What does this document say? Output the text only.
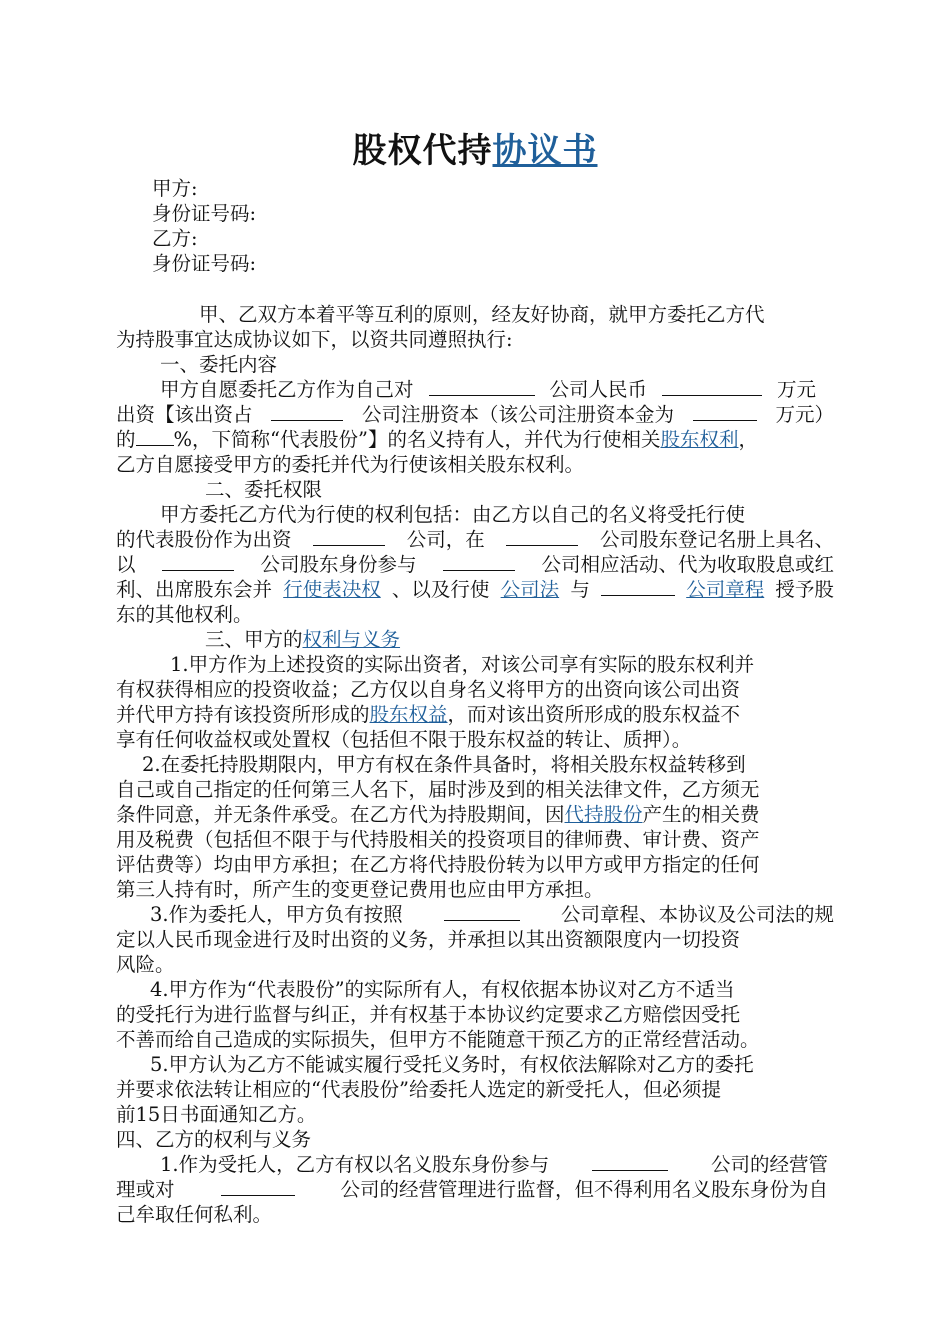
股权代持协议书
甲方:
身份证号码:
乙方:
身份证号码:
甲、乙双方本着平等互利的原则，经友好协商，就甲方委托乙方代
为持股事宜达成协议如下，以资共同遵照执行:
一、委托内容
甲方自愿委托乙方作为自己对	公司人民币	万元
出资【该出资占	公司注册资本（该公司注册资本金为	万元）
的 %，下简称“代表股份”】的名义持有人，并代为行使相关股东权利，
乙方自愿接受甲方的委托并代为行使该相关股东权利。
二、委托权限
甲方委托乙方代为行使的权利包括：由乙方以自己的名义将受托行使
的代表股份作为出资	公司，在	公司股东登记名册上具名、
以	公司股东身份参与	公司相应活动、代为收取股息或红
利、出席股东会并 行使表决权 、以及行使 公司法 与	公司章程 授予股
东的其他权利。
三、甲方的权利与义务
1.甲方作为上述投资的实际出资者，对该公司享有实际的股东权利并
有权获得相应的投资收益；乙方仅以自身名义将甲方的出资向该公司出资
并代甲方持有该投资所形成的股东权益，而对该出资所形成的股东权益不
享有任何收益权或处置权（包括但不限于股东权益的转让、质押）。
2.在委托持股期限内，甲方有权在条件具备时，将相关股东权益转移到
自己或自己指定的任何第三人名下，届时涉及到的相关法律文件，乙方须无
条件同意，并无条件承受。在乙方代为持股期间，因代持股份产生的相关费
用及税费（包括但不限于与代持股相关的投资项目的律师费、审计费、资产
评估费等）均由甲方承担；在乙方将代持股份转为以甲方或甲方指定的任何
第三人持有时，所产生的变更登记费用也应由甲方承担。
3.作为委托人，甲方负有按照	公司章程、本协议及公司法的规
定以人民币现金进行及时出资的义务，并承担以其出资额限度内一切投资
风险。
4.甲方作为“代表股份”的实际所有人，有权依据本协议对乙方不适当
的受托行为进行监督与纠正，并有权基于本协议约定要求乙方赔偿因受托
不善而给自己造成的实际损失，但甲方不能随意干预乙方的正常经营活动。
5.甲方认为乙方不能诚实履行受托义务时，有权依法解除对乙方的委托
并要求依法转让相应的“代表股份”给委托人选定的新受托人，但必须提
前15日书面通知乙方。
四、乙方的权利与义务
1.作为受托人，乙方有权以名义股东身份参与	公司的经营管
理或对	公司的经营管理进行监督，但不得利用名义股东身份为自
己牟取任何私利。
